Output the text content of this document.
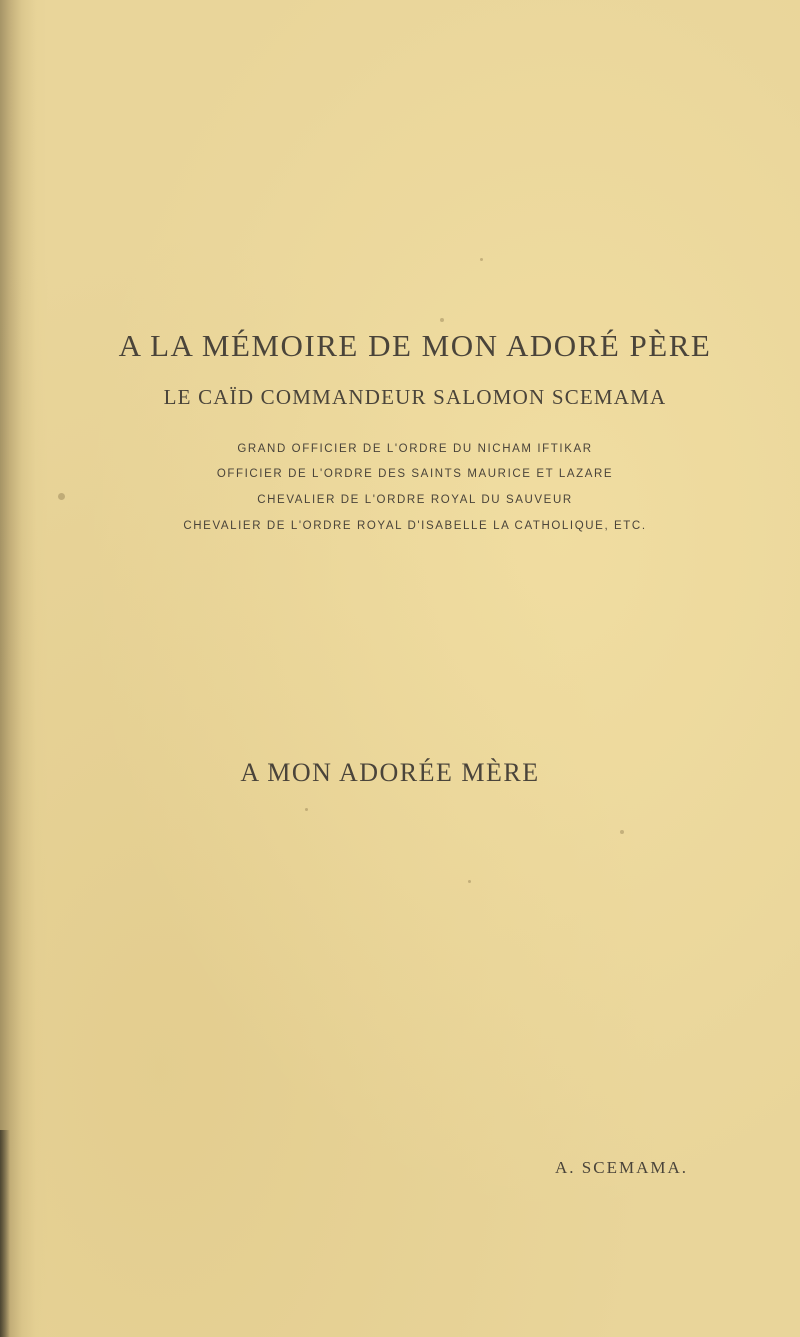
A LA MÉMOIRE DE MON ADORÉ PÈRE
LE CAÏD COMMANDEUR SALOMON SCEMAMA
GRAND OFFICIER DE L'ORDRE DU NICHAM IFTIKAR
OFFICIER DE L'ORDRE DES SAINTS MAURICE ET LAZARE
CHEVALIER DE L'ORDRE ROYAL DU SAUVEUR
CHEVALIER DE L'ORDRE ROYAL D'ISABELLE LA CATHOLIQUE, ETC.
A MON ADORÉE MÈRE
A. SCEMAMA.
